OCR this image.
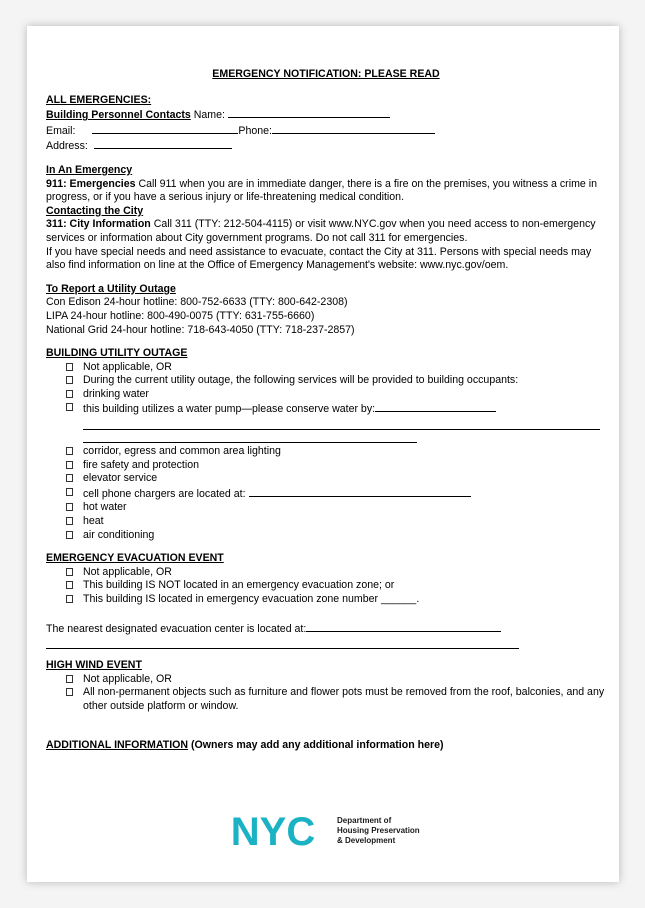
EMERGENCY NOTIFICATION: PLEASE READ
ALL EMERGENCIES:
Building Personnel Contacts Name:
Email:	Phone:
Address:
In An Emergency

911: Emergencies Call 911 when you are in immediate danger, there is a fire on the premises, you witness a crime in progress, or if you have a serious injury or life-threatening medical condition.

Contacting the City

311: City Information Call 311 (TTY: 212-504-4115) or visit www.NYC.gov when you need access to non-emergency services or information about City government programs. Do not call 311 for emergencies.

If you have special needs and need assistance to evacuate, contact the City at 311. Persons with special needs may also find information on line at the Office of Emergency Management's website: www.nyc.gov/oem.

To Report a Utility Outage
Con Edison 24-hour hotline: 800-752-6633 (TTY: 800-642-2308)
LIPA 24-hour hotline: 800-490-0075 (TTY: 631-755-6660)
National Grid 24-hour hotline: 718-643-4050 (TTY: 718-237-2857)
BUILDING UTILITY OUTAGE
Not applicable, OR
During the current utility outage, the following services will be provided to building occupants:
drinking water
this building utilizes a water pump—please conserve water by:
corridor, egress and common area lighting
fire safety and protection
elevator service
cell phone chargers are located at:
hot water
heat
air conditioning
EMERGENCY EVACUATION EVENT
Not applicable, OR
This building IS NOT located in an emergency evacuation zone; or
This building IS located in emergency evacuation zone number ______.
The nearest designated evacuation center is located at:
HIGH WIND EVENT
Not applicable, OR
All non-permanent objects such as furniture and flower pots must be removed from the roof, balconies, and any other outside platform or window.
ADDITIONAL INFORMATION (Owners may add any additional information here)
NYC	Department of
Housing Preservation
& Development
